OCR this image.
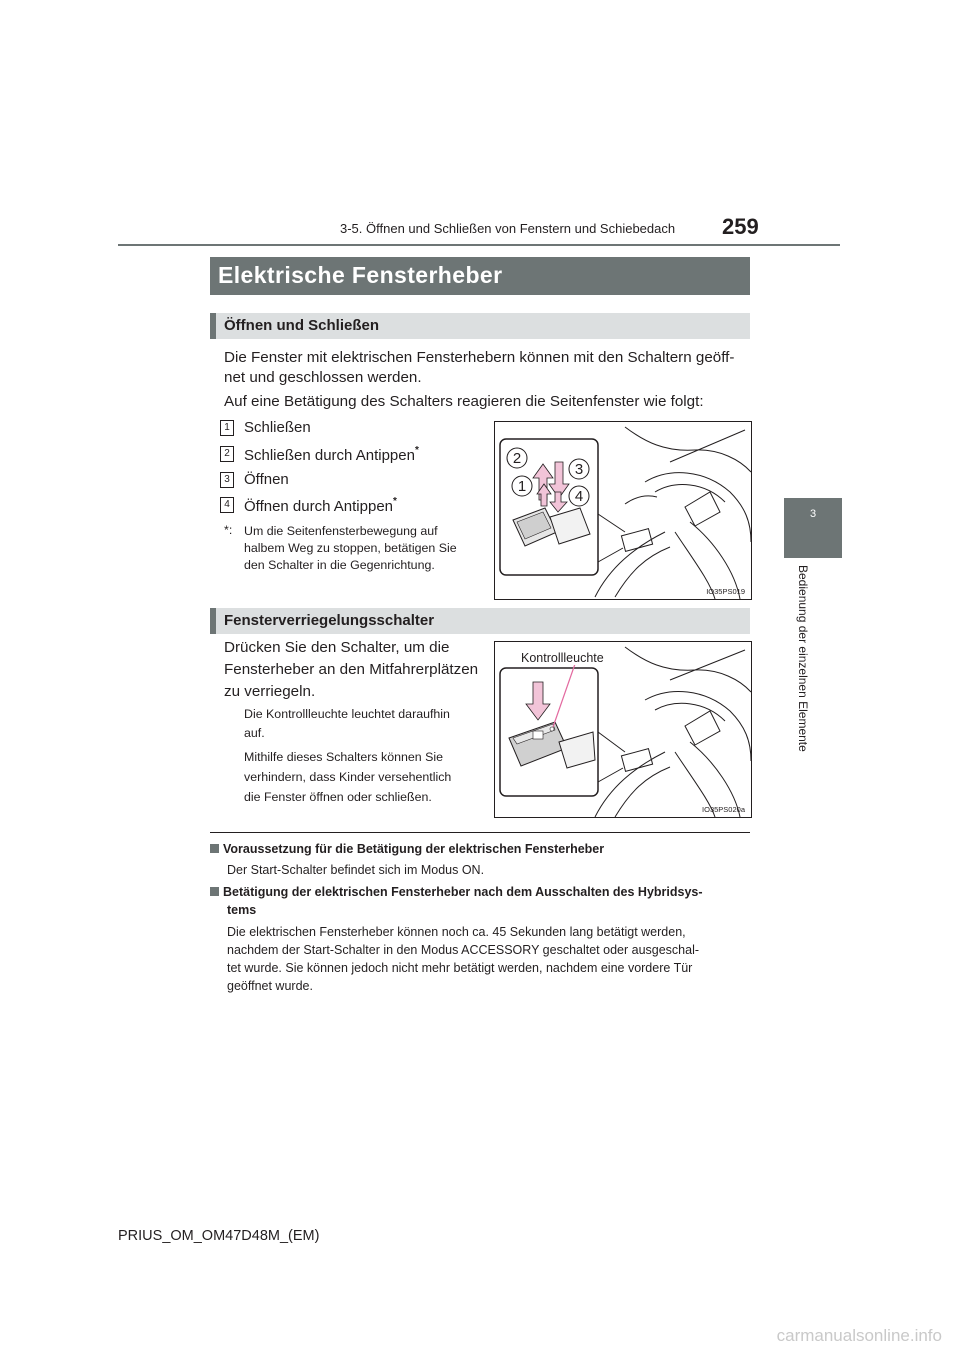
3-5. Öffnen und Schließen von Fenstern und Schiebedach 259
3
Bedienung der einzelnen Elemente
Elektrische Fensterheber
Öffnen und Schließen
Die Fenster mit elektrischen Fensterhebern können mit den Schaltern geöff-
net und geschlossen werden.
Auf eine Betätigung des Schalters reagieren die Seitenfenster wie folgt:
1 Schließen
2 Schließen durch Antippen*
3 Öffnen
4 Öffnen durch Antippen*
*: Um die Seitenfensterbewegung auf
halbem Weg zu stoppen, betätigen Sie
den Schalter in die Gegenrichtung.
2
3
1
4
IO35PS019
Fensterverriegelungsschalter
Drücken Sie den Schalter, um die
Fensterheber an den Mitfahrerplätzen
zu verriegeln.
Die Kontrollleuchte leuchtet daraufhin
auf.
Mithilfe dieses Schalters können Sie
verhindern, dass Kinder versehentlich
die Fenster öffnen oder schließen.
Kontrollleuchte
IO35PS020a
Voraussetzung für die Betätigung der elektrischen Fensterheber
Der Start-Schalter befindet sich im Modus ON.
Betätigung der elektrischen Fensterheber nach dem Ausschalten des Hybridsys-
tems
Die elektrischen Fensterheber können noch ca. 45 Sekunden lang betätigt werden,
nachdem der Start-Schalter in den Modus ACCESSORY geschaltet oder ausgeschal-
tet wurde. Sie können jedoch nicht mehr betätigt werden, nachdem eine vordere Tür
geöffnet wurde.
PRIUS_OM_OM47D48M_(EM)
carmanualsonline.info
